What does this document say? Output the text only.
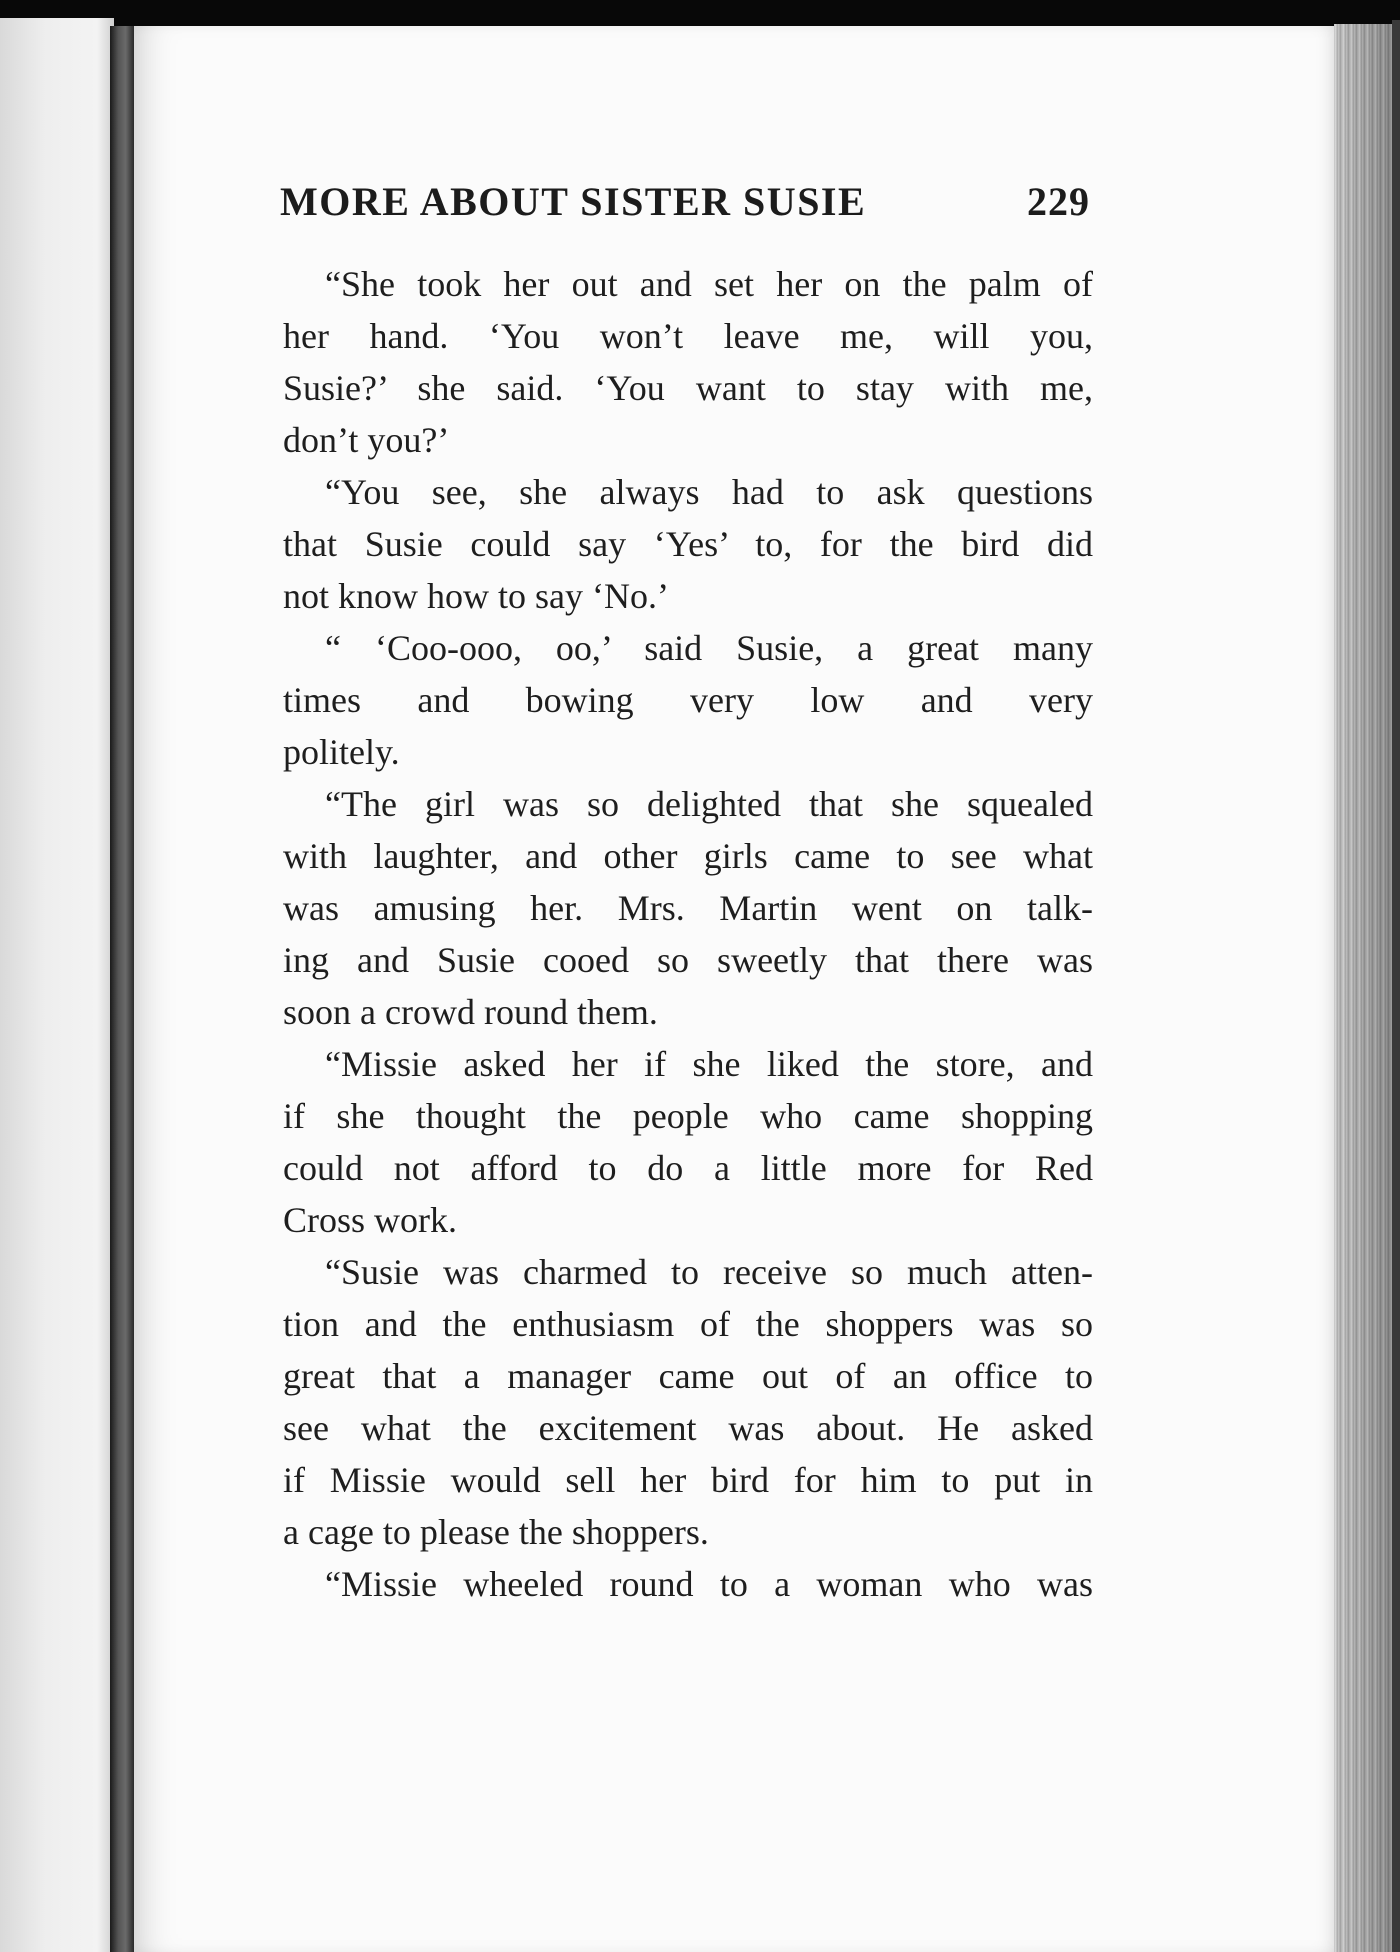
MORE ABOUT SISTER SUSIE	229
“She took her out and set her on the palm of
her hand. ‘You won’t leave me, will you,
Susie?’ she said. ‘You want to stay with me,
don’t you?’
“You see, she always had to ask questions
that Susie could say ‘Yes’ to, for the bird did
not know how to say ‘No.’
“ ‘Coo-ooo, oo,’ said Susie, a great many
times and bowing very low and very
politely.
“The girl was so delighted that she squealed
with laughter, and other girls came to see what
was amusing her. Mrs. Martin went on talk-
ing and Susie cooed so sweetly that there was
soon a crowd round them.
“Missie asked her if she liked the store, and
if she thought the people who came shopping
could not afford to do a little more for Red
Cross work.
“Susie was charmed to receive so much atten-
tion and the enthusiasm of the shoppers was so
great that a manager came out of an office to
see what the excitement was about. He asked
if Missie would sell her bird for him to put in
a cage to please the shoppers.
“Missie wheeled round to a woman who was
